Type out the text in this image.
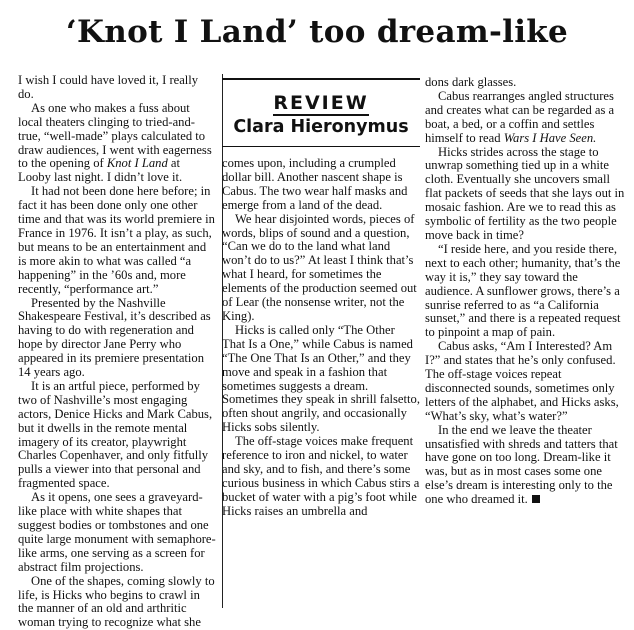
‘Knot I Land’ too dream-like

I wish I could have loved it, I really do.

As one who makes a fuss about local theaters clinging to tried-and-true, “well-made” plays calculated to draw audiences, I went with eagerness to the opening of Knot I Land at Looby last night. I didn’t love it.

It had not been done here before; in fact it has been done only one other time and that was its world premiere in France in 1976. It isn’t a play, as such, but means to be an entertainment and is more akin to what was called “a happening” in the ’60s and, more recently, “performance art.”

Presented by the Nashville Shakespeare Festival, it’s described as having to do with regeneration and hope by director Jane Perry who appeared in its premiere presentation 14 years ago.

It is an artful piece, performed by two of Nashville’s most engaging actors, Denice Hicks and Mark Cabus, but it dwells in the remote mental imagery of its creator, playwright Charles Copenhaver, and only fitfully pulls a viewer into that personal and fragmented space.

As it opens, one sees a graveyard-like place with white shapes that suggest bodies or tombstones and one quite large monument with semaphore-like arms, one serving as a screen for abstract film projections.

One of the shapes, coming slowly to life, is Hicks who begins to crawl in the manner of an old and arthritic woman trying to recognize what she

REVIEW
Clara Hieronymus

comes upon, including a crumpled dollar bill. Another nascent shape is Cabus. The two wear half masks and emerge from a land of the dead.

We hear disjointed words, pieces of words, blips of sound and a question, “Can we do to the land what land won’t do to us?” At least I think that’s what I heard, for sometimes the elements of the production seemed out of Lear (the nonsense writer, not the King).

Hicks is called only “The Other That Is a One,” while Cabus is named “The One That Is an Other,” and they move and speak in a fashion that sometimes suggests a dream. Sometimes they speak in shrill falsetto, often shout angrily, and occasionally Hicks sobs silently.

The off-stage voices make frequent reference to iron and nickel, to water and sky, and to fish, and there’s some curious business in which Cabus stirs a bucket of water with a pig’s foot while Hicks raises an umbrella and

dons dark glasses.

Cabus rearranges angled structures and creates what can be regarded as a boat, a bed, or a coffin and settles himself to read Wars I Have Seen.

Hicks strides across the stage to unwrap something tied up in a white cloth. Eventually she uncovers small flat packets of seeds that she lays out in mosaic fashion. Are we to read this as symbolic of fertility as the two people move back in time?

“I reside here, and you reside there, next to each other; humanity, that’s the way it is,” they say toward the audience. A sunflower grows, there’s a sunrise referred to as “a California sunset,” and there is a repeated request to pinpoint a map of pain.

Cabus asks, “Am I Interested? Am I?” and states that he’s only confused. The off-stage voices repeat disconnected sounds, sometimes only letters of the alphabet, and Hicks asks, “What’s sky, what’s water?”

In the end we leave the theater unsatisfied with shreds and tatters that have gone on too long. Dream-like it was, but as in most cases some one else’s dream is interesting only to the one who dreamed it.
